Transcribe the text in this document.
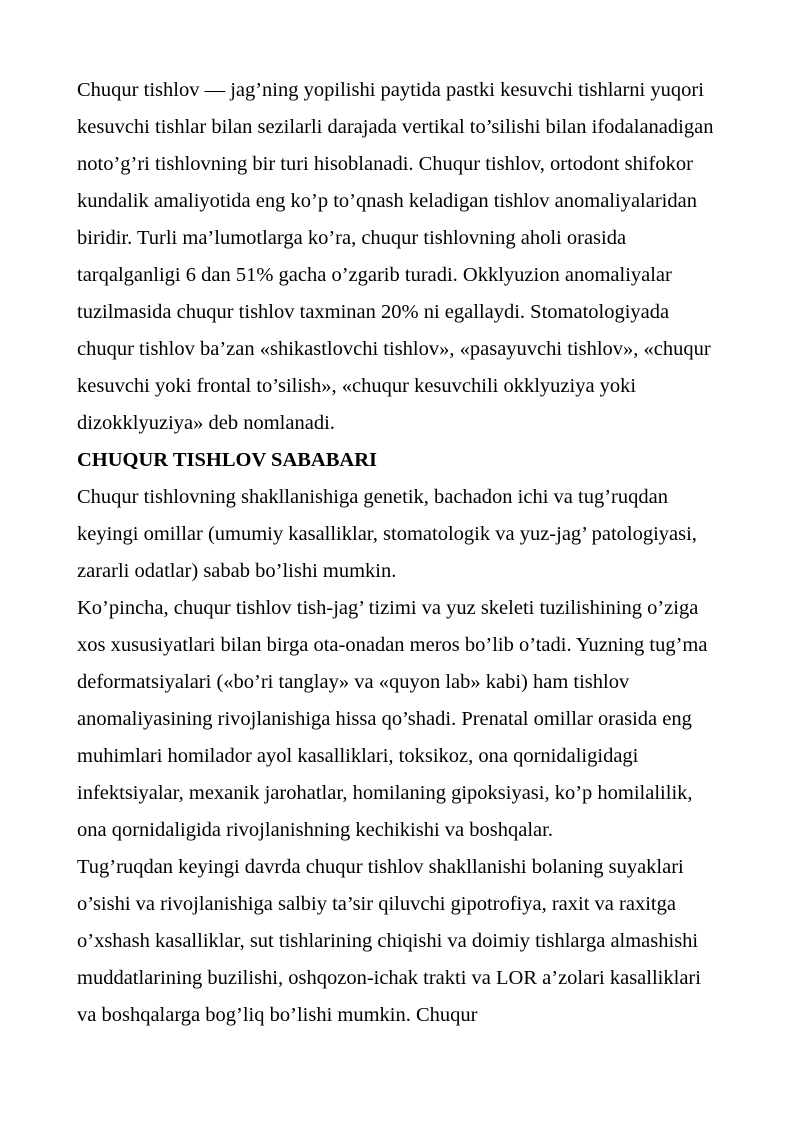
Chuqur tishlov — jag’ning yopilishi paytida pastki kesuvchi tishlarni yuqori kesuvchi tishlar bilan sezilarli darajada vertikal to’silishi bilan ifodalanadigan noto’g’ri tishlovning bir turi hisoblanadi. Chuqur tishlov, ortodont shifokor kundalik amaliyotida eng ko’p to’qnash keladigan tishlov anomaliyalaridan biridir. Turli ma’lumotlarga ko’ra, chuqur tishlovning aholi orasida tarqalganligi 6 dan 51% gacha o’zgarib turadi. Okklyuzion anomaliyalar tuzilmasida chuqur tishlov taxminan 20% ni egallaydi. Stomatologiyada chuqur tishlov ba’zan «shikastlovchi tishlov», «pasayuvchi tishlov», «chuqur kesuvchi yoki frontal to’silish», «chuqur kesuvchili okklyuziya yoki dizokklyuziya» deb nomlanadi.

CHUQUR TISHLOV SABABARI

Chuqur tishlovning shakllanishiga genetik, bachadon ichi va tug’ruqdan keyingi omillar (umumiy kasalliklar, stomatologik va yuz-jag’ patologiyasi, zararli odatlar) sabab bo’lishi mumkin.

Ko’pincha, chuqur tishlov tish-jag’ tizimi va yuz skeleti tuzilishining o’ziga xos xususiyatlari bilan birga ota-onadan meros bo’lib o’tadi. Yuzning tug’ma deformatsiyalari («bo’ri tanglay» va «quyon lab» kabi) ham tishlov anomaliyasining rivojlanishiga hissa qo’shadi. Prenatal omillar orasida eng muhimlari homilador ayol kasalliklari, toksikoz, ona qornidaligidagi infektsiyalar, mexanik jarohatlar, homilaning gipoksiyasi, ko’p homilalilik, ona qornidaligida rivojlanishning kechikishi va boshqalar.

Tug’ruqdan keyingi davrda chuqur tishlov shakllanishi bolaning suyaklari o’sishi va rivojlanishiga salbiy ta’sir qiluvchi gipotrofiya, raxit va raxitga o’xshash kasalliklar, sut tishlarining chiqishi va doimiy tishlarga almashishi muddatlarining buzilishi, oshqozon-ichak trakti va LOR a’zolari kasalliklari va boshqalarga bog’liq bo’lishi mumkin. Chuqur
